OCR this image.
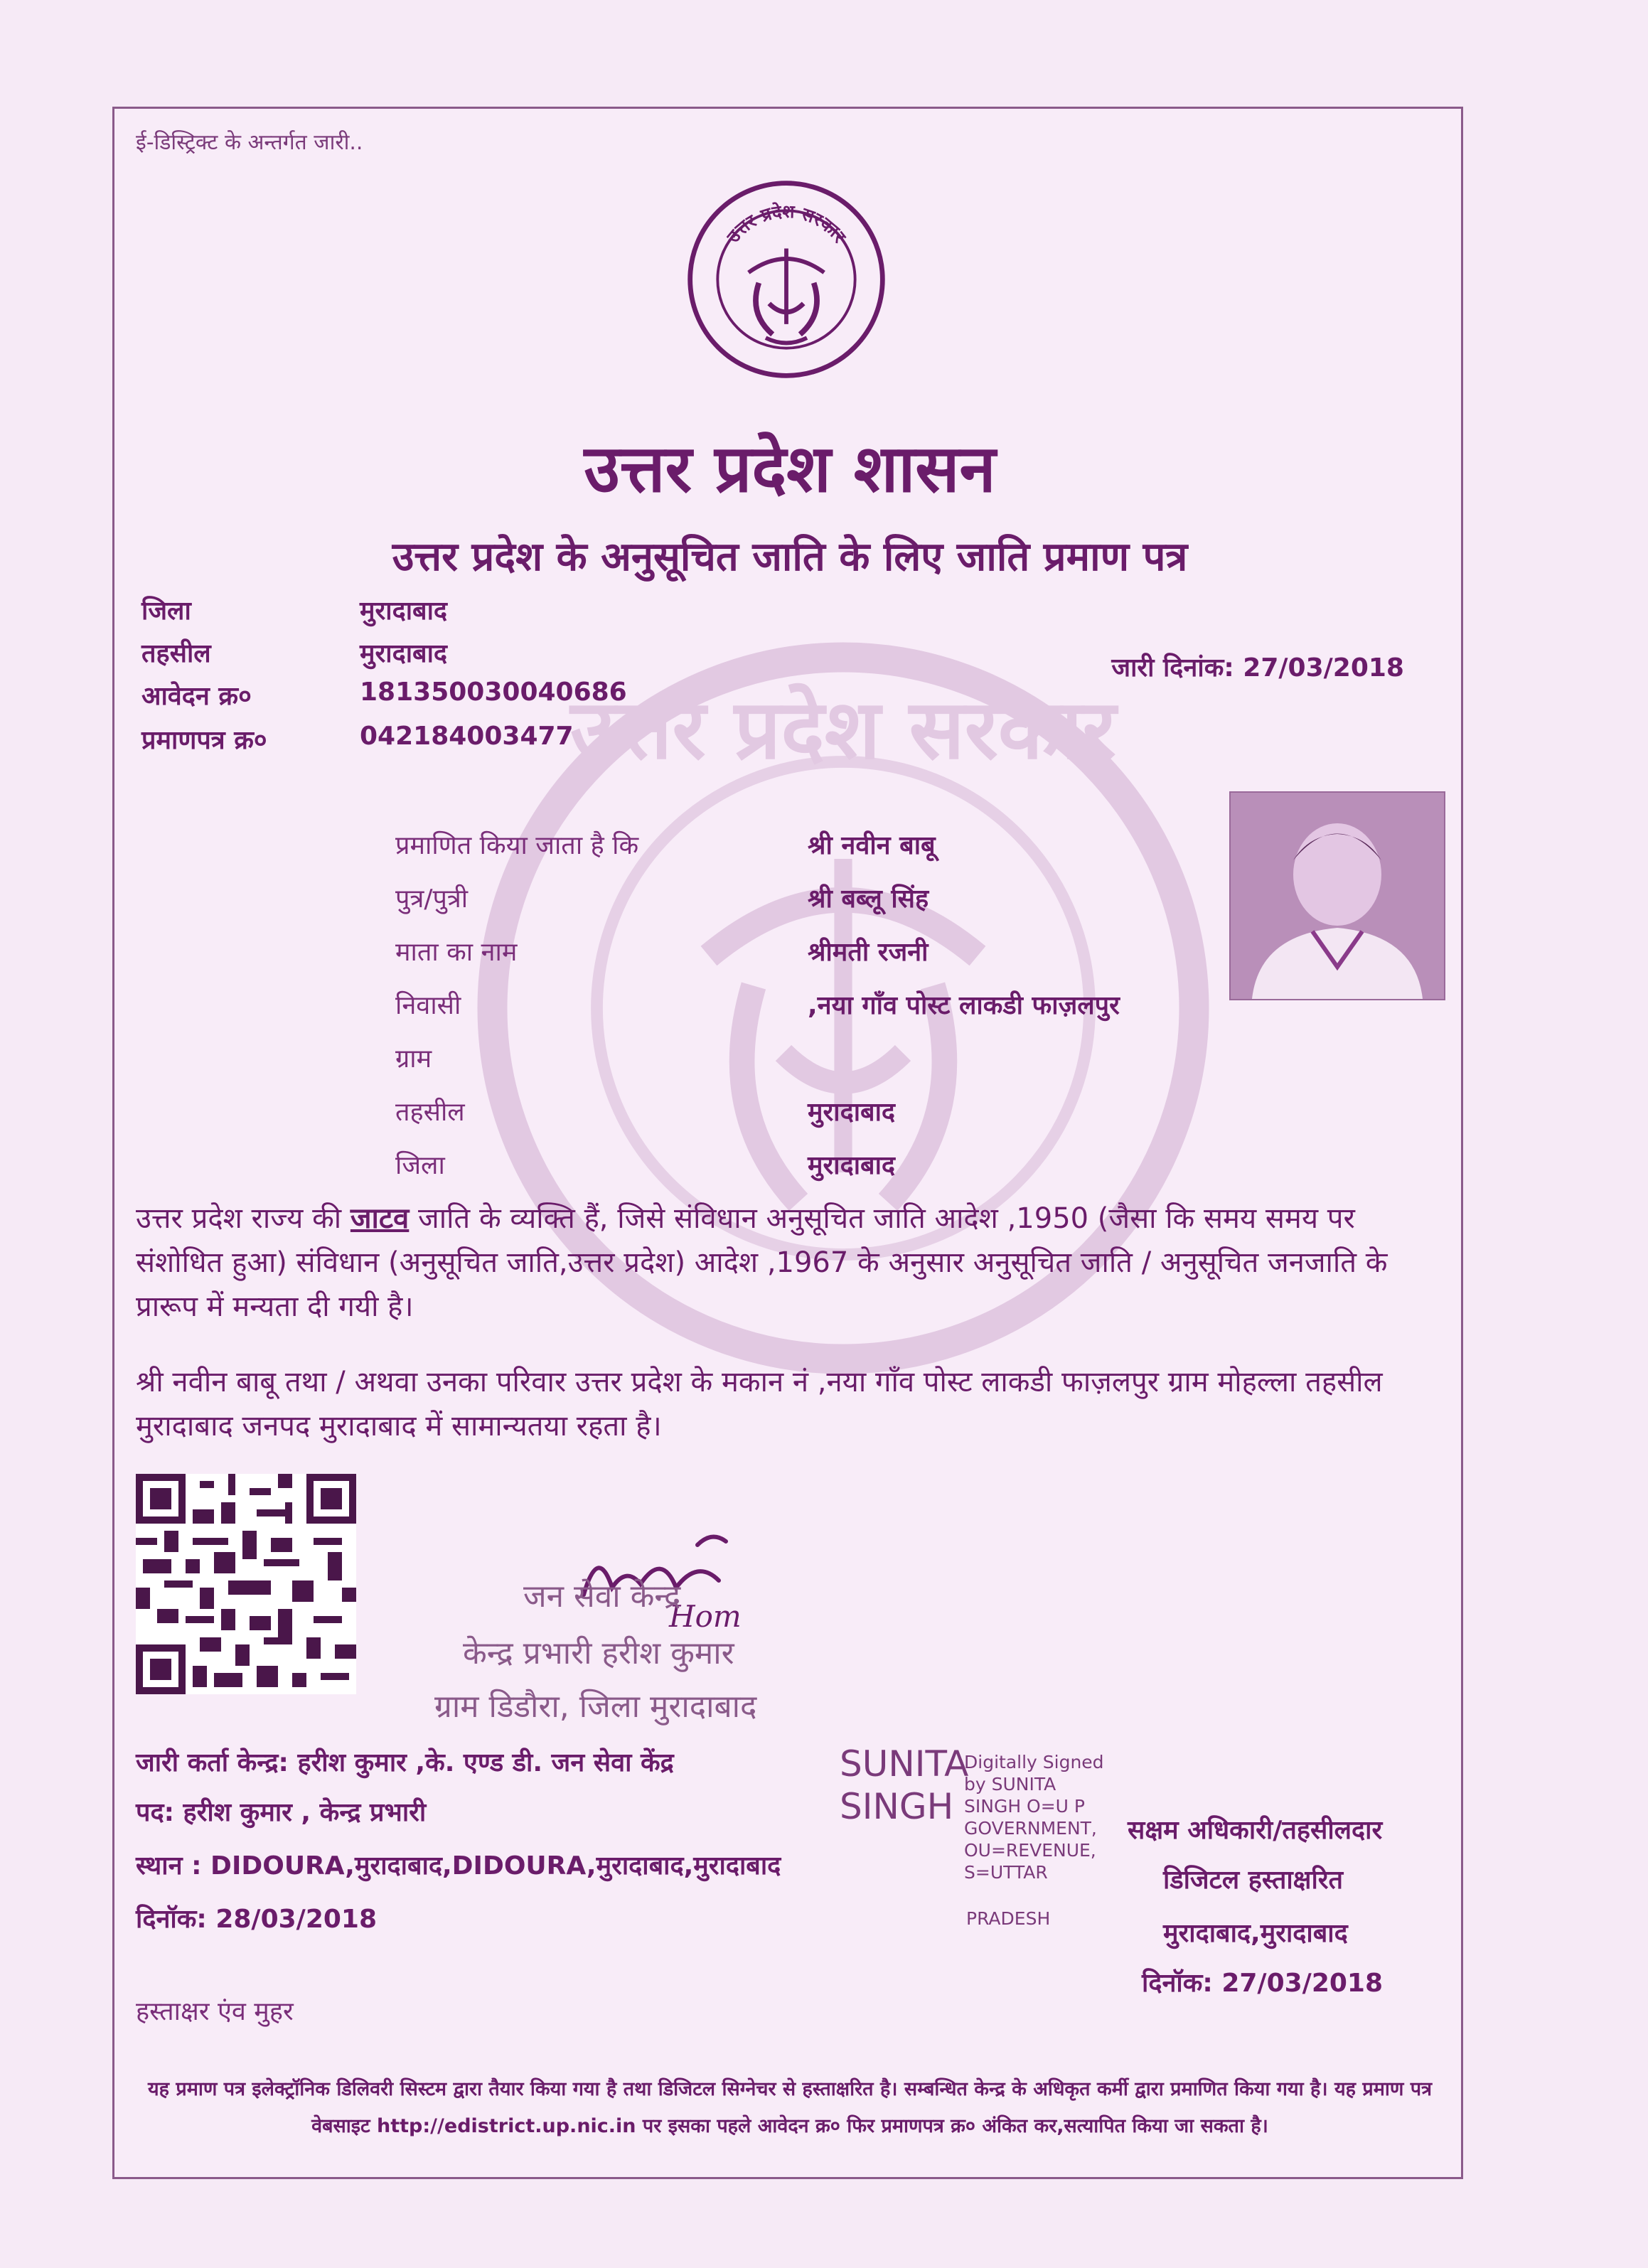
ई-डिस्ट्रिक्ट के अन्तर्गत जारी..
उत्तर प्रदेश सरकार
उत्तर प्रदेश सरकार
उत्तर प्रदेश शासन
उत्तर प्रदेश के अनुसूचित जाति के लिए जाति प्रमाण पत्र
जिला	मुरादाबाद
तहसील	मुरादाबाद
आवेदन क्र०	181350030040686
प्रमाणपत्र क्र०	042184003477
जारी दिनांक: 27/03/2018
प्रमाणित किया जाता है कि	श्री नवीन बाबू
पुत्र/पुत्री	श्री बब्लू सिंह
माता का नाम	श्रीमती रजनी
निवासी	,नया गाँव पोस्ट लाकडी फाज़लपुर
ग्राम
तहसील	मुरादाबाद
जिला	मुरादाबाद
उत्तर प्रदेश राज्य की जाटव जाति के व्यक्ति हैं, जिसे संविधान अनुसूचित जाति आदेश ,1950 (जैसा कि समय समय पर संशोधित हुआ) संविधान (अनुसूचित जाति,उत्तर प्रदेश) आदेश ,1967 के अनुसार अनुसूचित जाति / अनुसूचित जनजाति के प्रारूप में मन्यता दी गयी है।
श्री नवीन बाबू तथा / अथवा उनका परिवार उत्तर प्रदेश के मकान नं ,नया गाँव पोस्ट लाकडी फाज़लपुर ग्राम मोहल्ला तहसील मुरादाबाद जनपद मुरादाबाद में सामान्यतया रहता है।
Hom
जन सेवा केन्द्र
केन्द्र प्रभारी हरीश कुमार
ग्राम डिडौरा, जिला मुरादाबाद
जारी कर्ता केन्द्र: हरीश कुमार ,के. एण्ड डी. जन सेवा केंद्र
पद: हरीश कुमार , केन्द्र प्रभारी
स्थान : DIDOURA,मुरादाबाद,DIDOURA,मुरादाबाद,मुरादाबाद
दिनॉक: 28/03/2018
हस्ताक्षर एंव मुहर
SUNITA
SINGH
Digitally Signed
by SUNITA
SINGH O=U P
GOVERNMENT,
OU=REVENUE,
S=UTTAR
PRADESH
सक्षम अधिकारी/तहसीलदार
डिजिटल हस्ताक्षरित
मुरादाबाद,मुरादाबाद
दिनॉक: 27/03/2018
यह प्रमाण पत्र इलेक्ट्रॉनिक डिलिवरी सिस्टम द्वारा तैयार किया गया है तथा डिजिटल सिग्नेचर से हस्ताक्षरित है। सम्बन्धित केन्द्र के अधिकृत कर्मी द्वारा प्रमाणित किया गया है। यह प्रमाण पत्र वेबसाइट http://edistrict.up.nic.in पर इसका पहले आवेदन क्र० फिर प्रमाणपत्र क्र० अंकित कर,सत्यापित किया जा सकता है।
